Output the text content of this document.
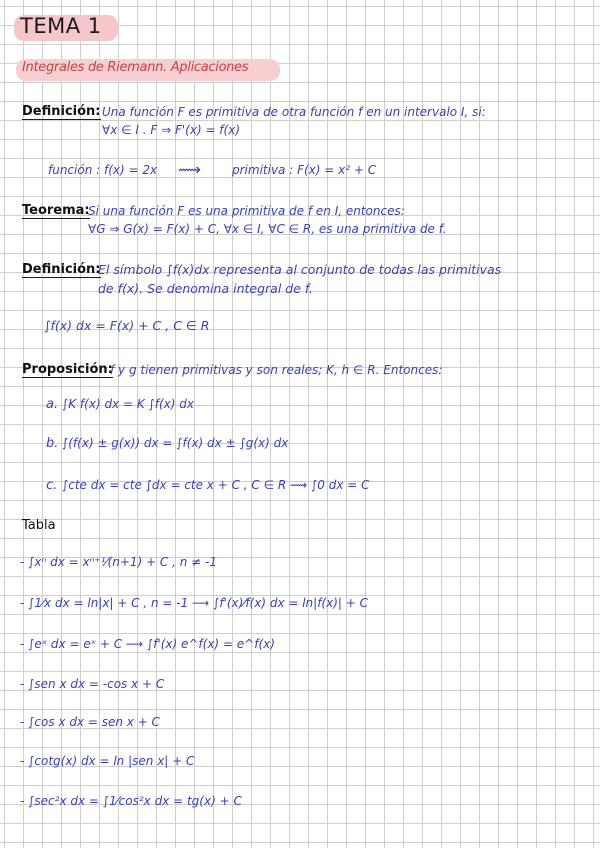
TEMA 1
Integrales de Riemann. Aplicaciones
Definición: Una función F es primitiva de otra función f en un intervalo I, si:
∀x ∈ I . F ⇒ F'(x) = f(x)
función : f(x) = 2x ⟿	primitiva : F(x) = x² + C
Teorema:
Si una función F es una primitiva de f en I, entonces:
∀G ⇒ G(x) = F(x) + C, ∀x ∈ I, ∀C ∈ R, es una primitiva de f.
Definición:
El símbolo ∫f(x)dx representa al conjunto de todas las primitivas
de f(x). Se denomina integral de f.
∫f(x) dx = F(x) + C , C ∈ R
Proposición:
f y g tienen primitivas y son reales; K, h ∈ R. Entonces:
a. ∫K f(x) dx = K ∫f(x) dx
b. ∫(f(x) ± g(x)) dx = ∫f(x) dx ± ∫g(x) dx
c. ∫cte dx = cte ∫dx = cte x + C , C ∈ R ⟿ ∫0 dx = C
Tabla
- ∫xⁿ dx = xⁿ⁺¹⁄(n+1) + C , n ≠ -1
- ∫1⁄x dx = ln|x| + C , n = -1 ⟶ ∫f'(x)⁄f(x) dx = ln|f(x)| + C
- ∫eˣ dx = eˣ + C ⟶ ∫f'(x) e^f(x) = e^f(x)
- ∫sen x dx = -cos x + C
- ∫cos x dx = sen x + C
- ∫cotg(x) dx = ln |sen x| + C
- ∫sec²x dx = ∫1⁄cos²x dx = tg(x) + C
